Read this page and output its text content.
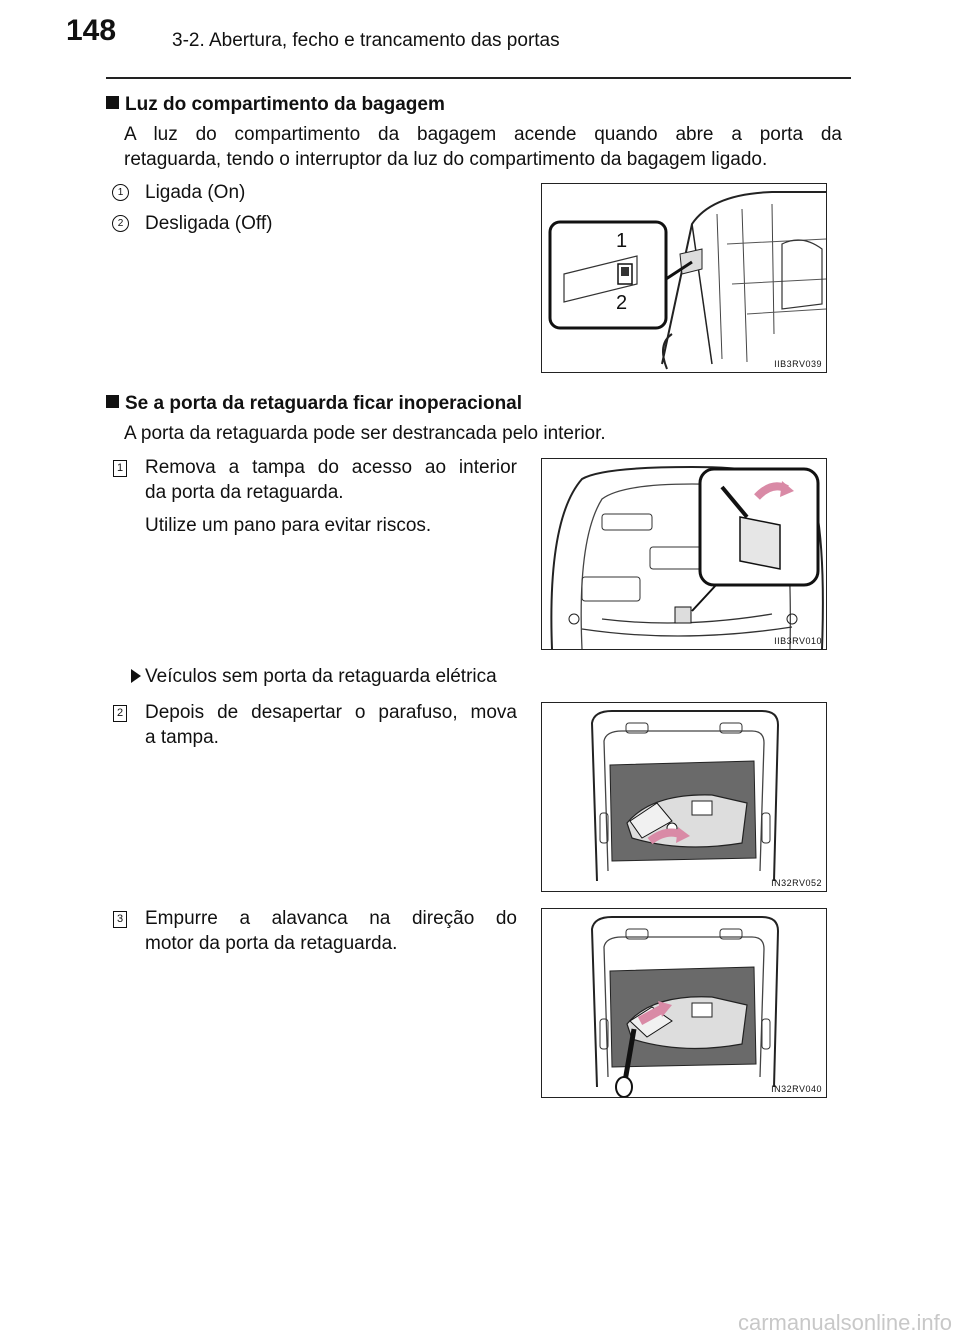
148	3-2. Abertura, fecho e trancamento das portas
Luz do compartimento da bagagem
A luz do compartimento da bagagem acende quando abre a porta da
retaguarda, tendo o interruptor da luz do compartimento da bagagem ligado.
1	Ligada (On)
2	Desligada (Off)
1
2
IIB3RV039
Se a porta da retaguarda ficar inoperacional
A porta da retaguarda pode ser destrancada pelo interior.
1 Remova a tampa do acesso ao interior
da porta da retaguarda.
Utilize um pano para evitar riscos.
IIB3RV010
Veículos sem porta da retaguarda elétrica
2 Depois de desapertar o parafuso, mova
a tampa.
IN32RV052
3 Empurre a alavanca na direção do
motor da porta da retaguarda.
IN32RV040
carmanualsonline.info
